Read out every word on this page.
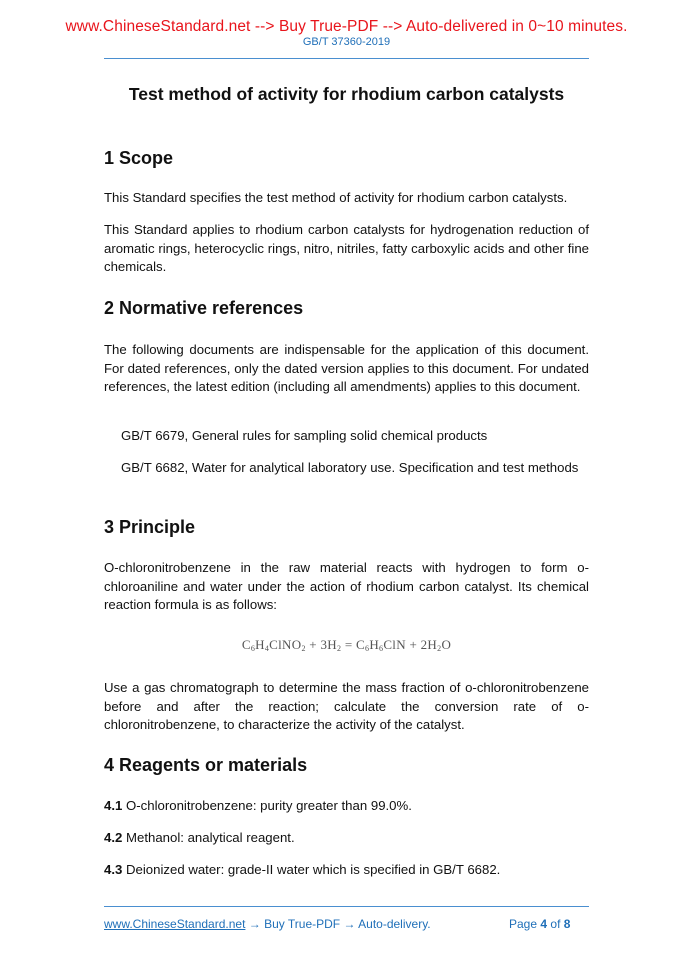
www.ChineseStandard.net --> Buy True-PDF --> Auto-delivered in 0~10 minutes.
GB/T 37360-2019
Test method of activity for rhodium carbon catalysts
1 Scope
This Standard specifies the test method of activity for rhodium carbon catalysts.
This Standard applies to rhodium carbon catalysts for hydrogenation reduction of aromatic rings, heterocyclic rings, nitro, nitriles, fatty carboxylic acids and other fine chemicals.
2 Normative references
The following documents are indispensable for the application of this document. For dated references, only the dated version applies to this document. For undated references, the latest edition (including all amendments) applies to this document.
GB/T 6679, General rules for sampling solid chemical products
GB/T 6682, Water for analytical laboratory use. Specification and test methods
3 Principle
O-chloronitrobenzene in the raw material reacts with hydrogen to form o-chloroaniline and water under the action of rhodium carbon catalyst. Its chemical reaction formula is as follows:
$C_6H_4ClNO_2 + 3H_2 = C_6H_6ClN + 2H_2O$
Use a gas chromatograph to determine the mass fraction of o-chloronitrobenzene before and after the reaction; calculate the conversion rate of o-chloronitrobenzene, to characterize the activity of the catalyst.
4 Reagents or materials
4.1 O-chloronitrobenzene: purity greater than 99.0%.
4.2 Methanol: analytical reagent.
4.3 Deionized water: grade-II water which is specified in GB/T 6682.
www.ChineseStandard.net → Buy True-PDF → Auto-delivery.	Page 4 of 8
